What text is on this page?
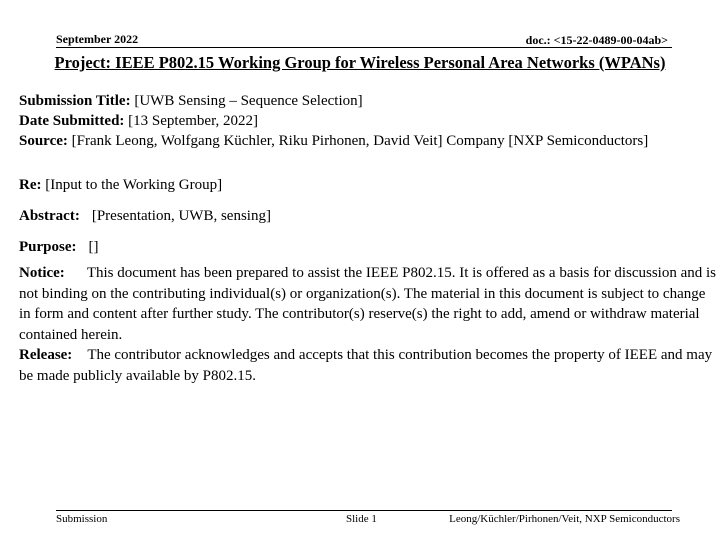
September 2022	doc.: <15-22-0489-00-04ab>
Project: IEEE P802.15 Working Group for Wireless Personal Area Networks (WPANs)
Submission Title: [UWB Sensing – Sequence Selection]
Date Submitted: [13 September, 2022]
Source: [Frank Leong, Wolfgang Küchler, Riku Pirhonen, David Veit] Company [NXP Semiconductors]
Re: [Input to the Working Group]
Abstract: [Presentation, UWB, sensing]
Purpose: []
Notice: This document has been prepared to assist the IEEE P802.15. It is offered as a basis for discussion and is not binding on the contributing individual(s) or organization(s). The material in this document is subject to change in form and content after further study. The contributor(s) reserve(s) the right to add, amend or withdraw material contained herein.
Release: The contributor acknowledges and accepts that this contribution becomes the property of IEEE and may be made publicly available by P802.15.
Submission	Slide 1	Leong/Küchler/Pirhonen/Veit, NXP Semiconductors
